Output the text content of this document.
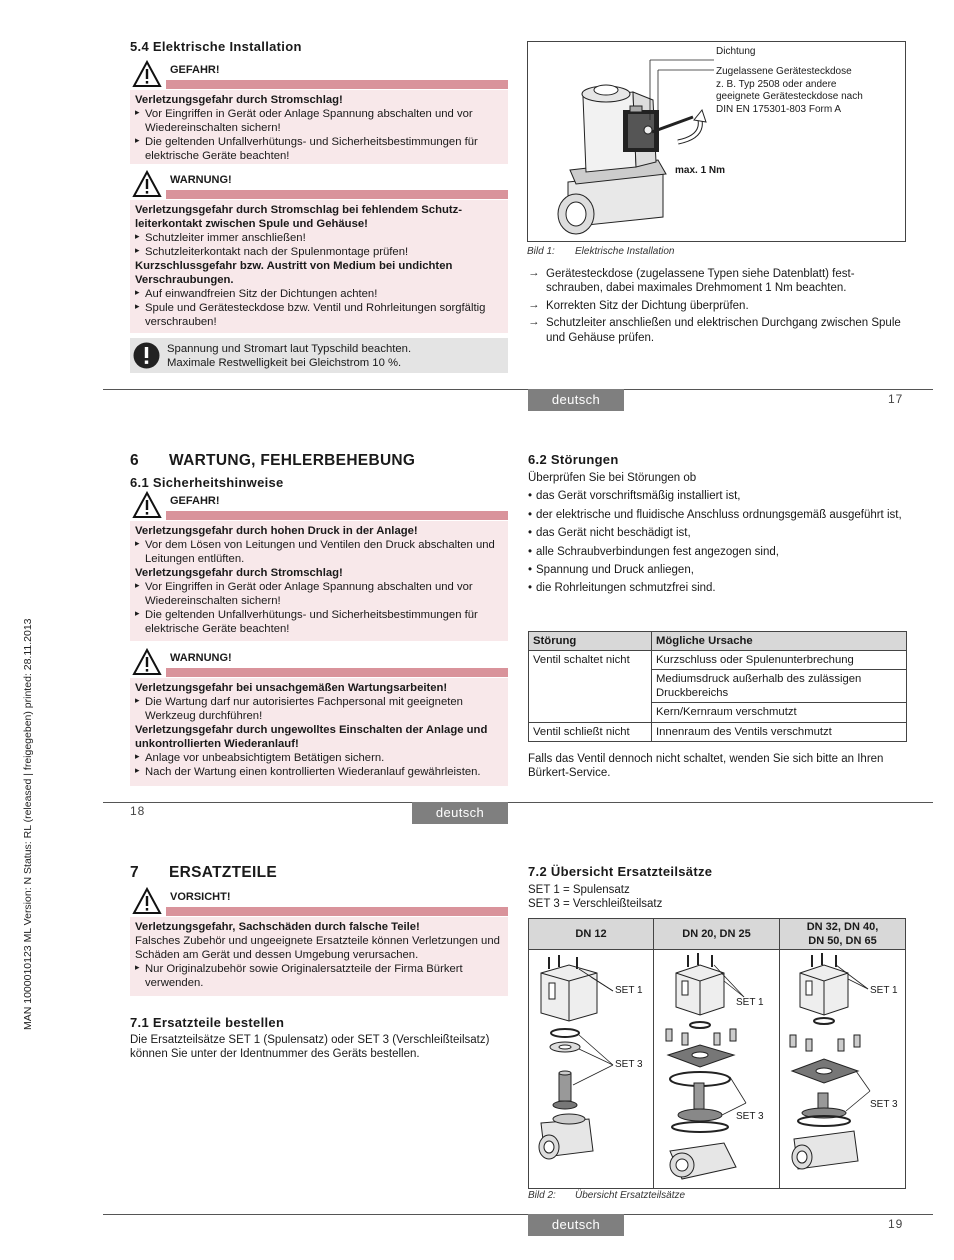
MAN 1000010123 ML Version: N Status: RL (released | freigegeben) printed: 28.11.2013
5.4 Elektrische Installation
GEFAHR!

Verletzungsgefahr durch Stromschlag!

▸ Vor Eingriffen in Gerät oder Anlage Spannung abschalten und vor Wiedereinschalten sichern!

▸ Die geltenden Unfallverhütungs- und Sicherheitsbestimmungen für elektrische Geräte beachten!

WARNUNG!

Verletzungsgefahr durch Stromschlag bei fehlendem Schutzleiterkontakt zwischen Spule und Gehäuse!

▸ Schutzleiter immer anschließen!

▸ Schutzleiterkontakt nach der Spulenmontage prüfen!

Kurzschlussgefahr bzw. Austritt von Medium bei undichten Verschraubungen.

▸ Auf einwandfreien Sitz der Dichtungen achten!

▸ Spule und Gerätesteckdose bzw. Ventil und Rohrleitungen sorgfältig verschrauben!

Spannung und Stromart laut Typschild beachten.
Maximale Restwelligkeit bei Gleichstrom 10 %.
Dichtung
Zugelassene Gerätesteckdose
z. B. Typ 2508 oder andere
geeignete Gerätesteckdose nach
DIN EN 175301-803 Form A
max. 1 Nm
Bild 1: Elektrische Installation
→ Gerätesteckdose (zugelassene Typen siehe Datenblatt) festschrauben, dabei maximales Drehmoment 1 Nm beachten.
→ Korrekten Sitz der Dichtung überprüfen.
→ Schutzleiter anschließen und elektrischen Durchgang zwischen Spule und Gehäuse prüfen.
deutsch	17
6 WARTUNG, FEHLERBEHEBUNG
6.1 Sicherheitshinweise
GEFAHR!

Verletzungsgefahr durch hohen Druck in der Anlage!

▸ Vor dem Lösen von Leitungen und Ventilen den Druck abschalten und Leitungen entlüften.

Verletzungsgefahr durch Stromschlag!

▸ Vor Eingriffen in Gerät oder Anlage Spannung abschalten und vor Wiedereinschalten sichern!

▸ Die geltenden Unfallverhütungs- und Sicherheitsbestimmungen für elektrische Geräte beachten!

WARNUNG!

Verletzungsgefahr bei unsachgemäßen Wartungsarbeiten!

▸ Die Wartung darf nur autorisiertes Fachpersonal mit geeigneten Werkzeug durchführen!

Verletzungsgefahr durch ungewolltes Einschalten der Anlage und unkontrollierten Wiederanlauf!

▸ Anlage vor unbeabsichtigtem Betätigen sichern.

▸ Nach der Wartung einen kontrollierten Wiederanlauf gewährleisten.

6.2 Störungen
Überprüfen Sie bei Störungen ob
• das Gerät vorschriftsmäßig installiert ist,
• der elektrische und fluidische Anschluss ordnungsgemäß ausgeführt ist,
• das Gerät nicht beschädigt ist,
• alle Schraubverbindungen fest angezogen sind,
• Spannung und Druck anliegen,
• die Rohrleitungen schmutzfrei sind.
Störung	Mögliche Ursache
Ventil schaltet nicht	Kurzschluss oder Spulenunterbrechung
	Mediumsdruck außerhalb des zulässigen Druckbereichs
	Kern/Kernraum verschmutzt
Ventil schließt nicht	Innenraum des Ventils verschmutzt
Falls das Ventil dennoch nicht schaltet, wenden Sie sich bitte an Ihren Bürkert-Service.
18	deutsch
7 ERSATZTEILE
VORSICHT!

Verletzungsgefahr, Sachschäden durch falsche Teile!

Falsches Zubehör und ungeeignete Ersatzteile können Verletzungen und Schäden am Gerät und dessen Umgebung verursachen.

▸ Nur Originalzubehör sowie Originalersatzteile der Firma Bürkert verwenden.

7.1 Ersatzteile bestellen
Die Ersatzteilsätze SET 1 (Spulensatz) oder SET 3 (Verschleißteilsatz) können Sie unter der Identnummer des Geräts bestellen.
7.2 Übersicht Ersatzteilsätze
SET 1 = Spulensatz
SET 3 = Verschleißteilsatz
DN 12	DN 20, DN 25
DN 32, DN 40,
DN 50, DN 65
SET 1
SET 3
SET 1
SET 3
SET 1
SET 3
Bild 2: Übersicht Ersatzteilsätze
deutsch	19
